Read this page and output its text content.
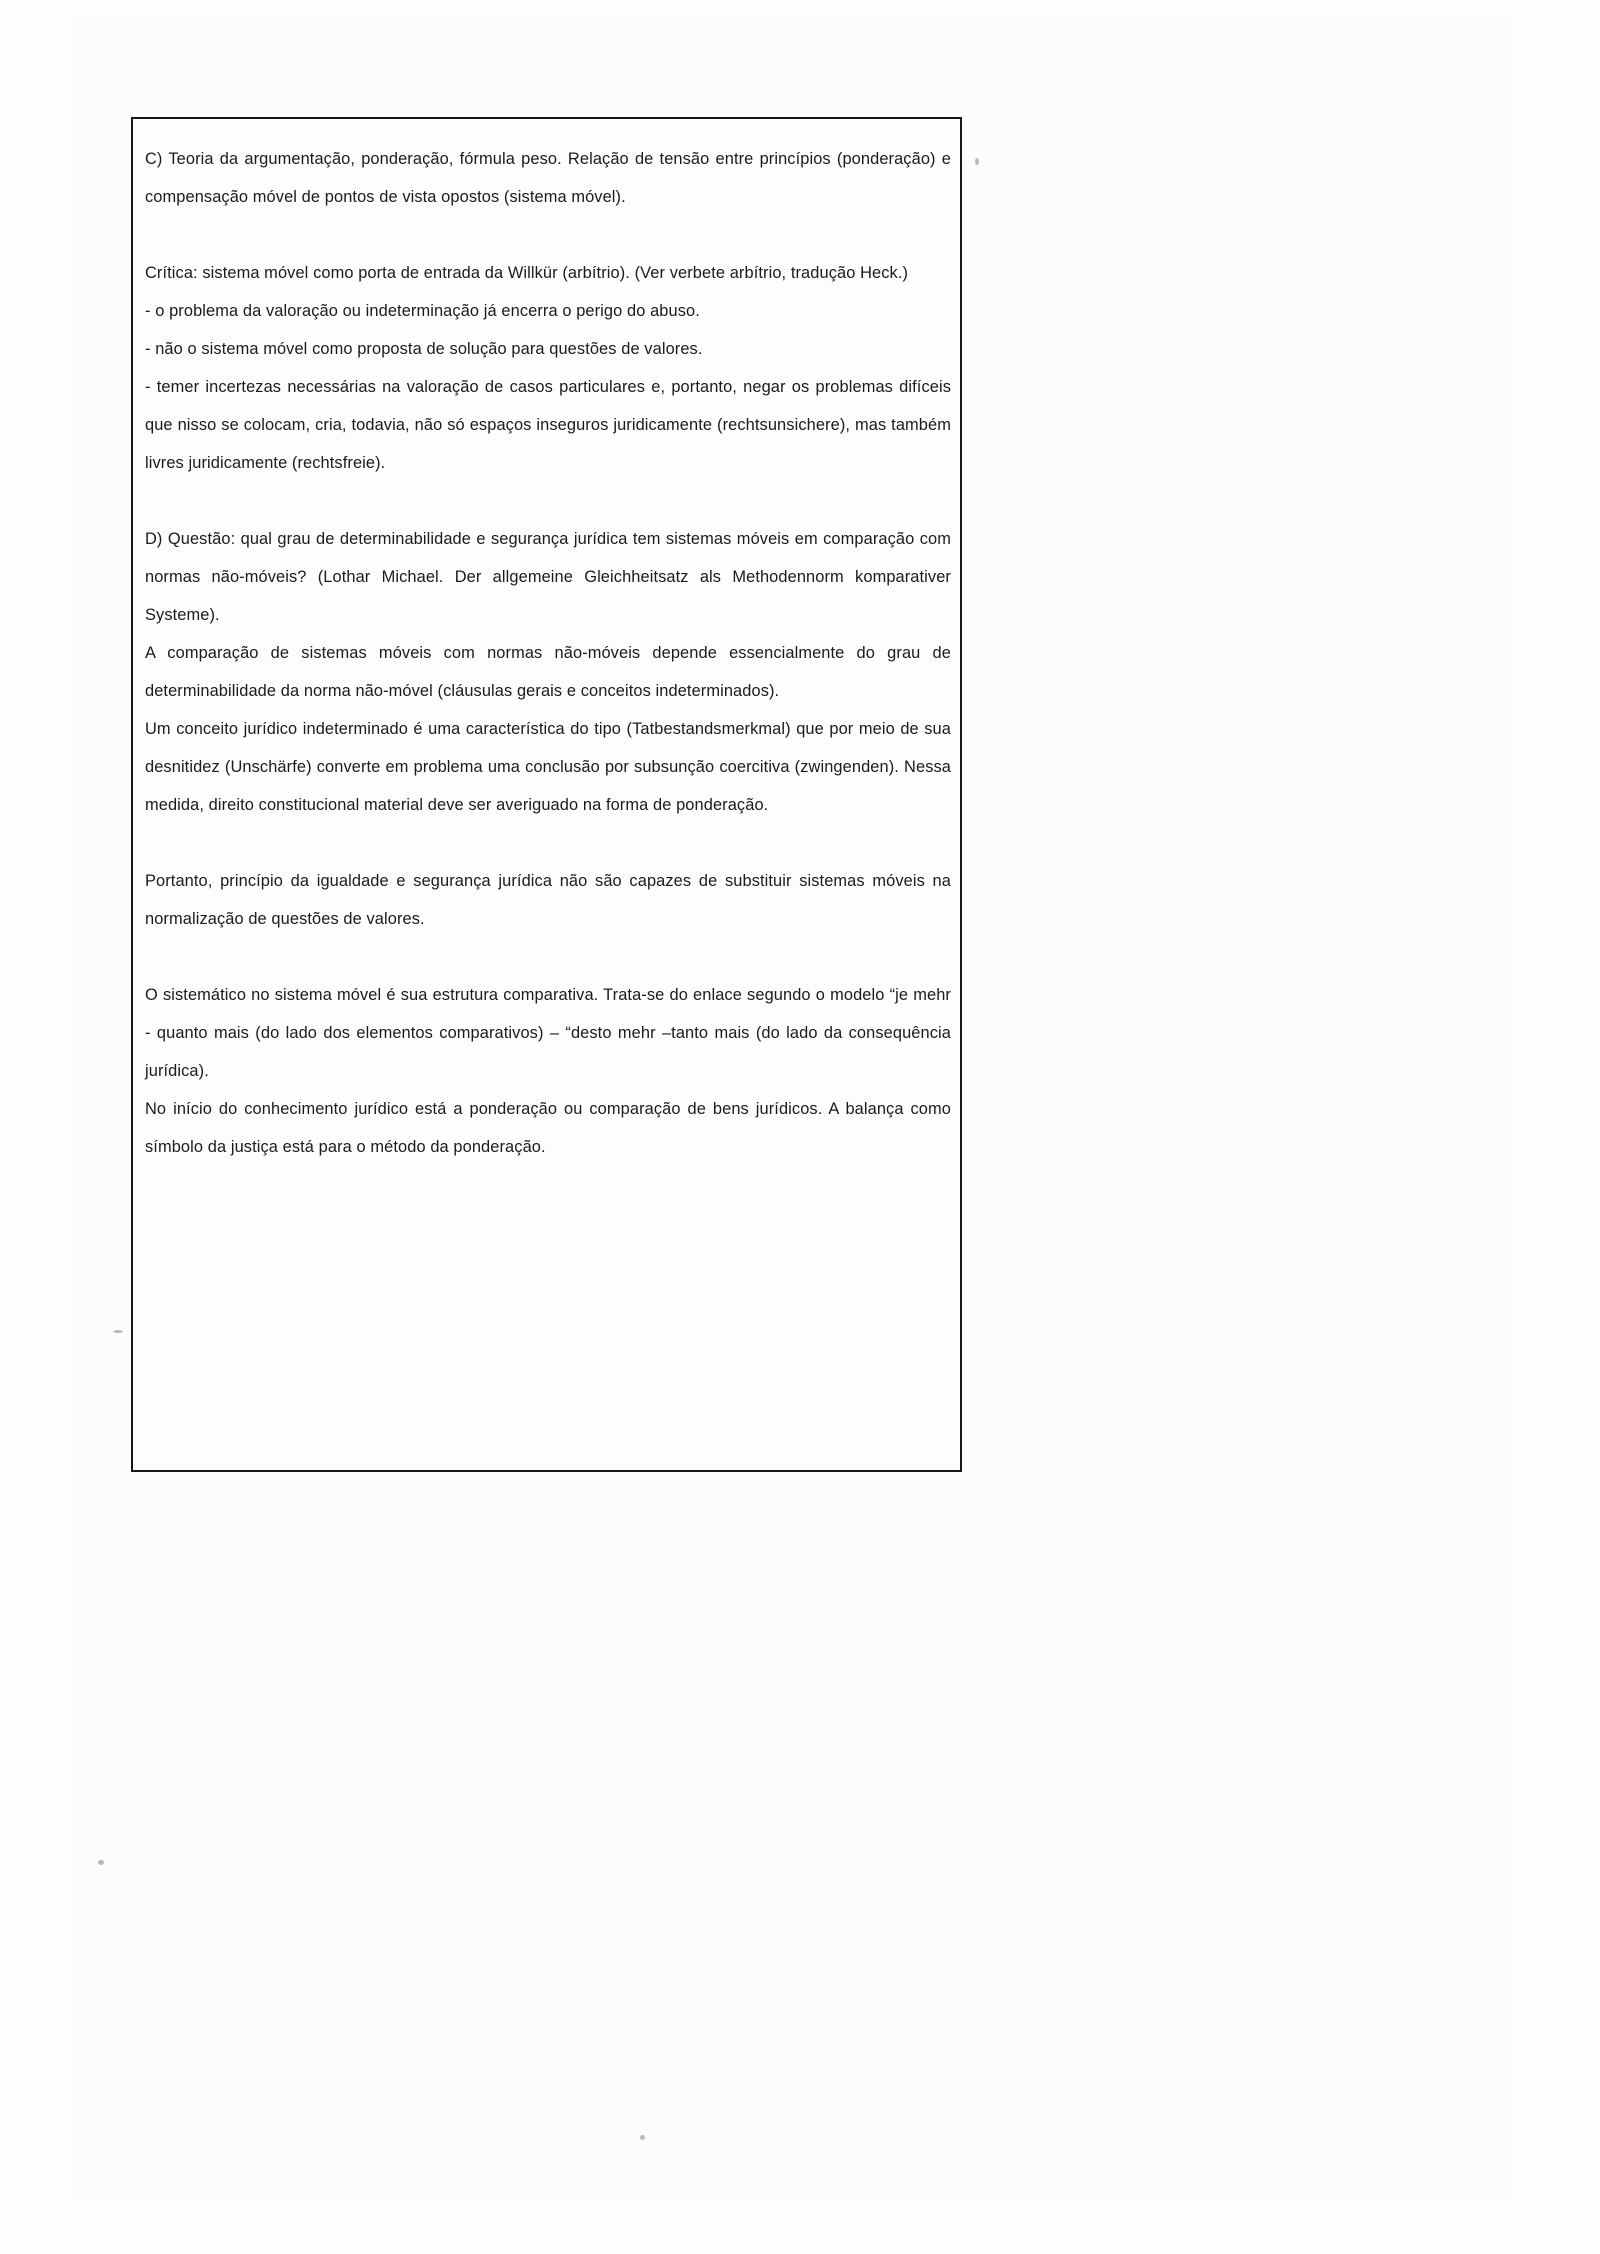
C) Teoria da argumentação, ponderação, fórmula peso. Relação de tensão entre princípios (ponderação) e compensação móvel de pontos de vista opostos (sistema móvel).

Crítica: sistema móvel como porta de entrada da Willkür (arbítrio). (Ver verbete arbítrio, tradução Heck.)

- o problema da valoração ou indeterminação já encerra o perigo do abuso.

- não o sistema móvel como proposta de solução para questões de valores.

- temer incertezas necessárias na valoração de casos particulares e, portanto, negar os problemas difíceis que nisso se colocam, cria, todavia, não só espaços inseguros juridicamente (rechtsunsichere), mas também livres juridicamente (rechtsfreie).

D) Questão: qual grau de determinabilidade e segurança jurídica tem sistemas móveis em comparação com normas não-móveis? (Lothar Michael. Der allgemeine Gleichheitsatz als Methodennorm komparativer Systeme).

A comparação de sistemas móveis com normas não-móveis depende essencialmente do grau de determinabilidade da norma não-móvel (cláusulas gerais e conceitos indeterminados).

Um conceito jurídico indeterminado é uma característica do tipo (Tatbestandsmerkmal) que por meio de sua desnitidez (Unschärfe) converte em problema uma conclusão por subsunção coercitiva (zwingenden). Nessa medida, direito constitucional material deve ser averiguado na forma de ponderação.

Portanto, princípio da igualdade e segurança jurídica não são capazes de substituir sistemas móveis na normalização de questões de valores.

O sistemático no sistema móvel é sua estrutura comparativa. Trata-se do enlace segundo o modelo “je mehr - quanto mais (do lado dos elementos comparativos) – “desto mehr –tanto mais (do lado da consequência jurídica).

No início do conhecimento jurídico está a ponderação ou comparação de bens jurídicos. A balança como símbolo da justiça está para o método da ponderação.
